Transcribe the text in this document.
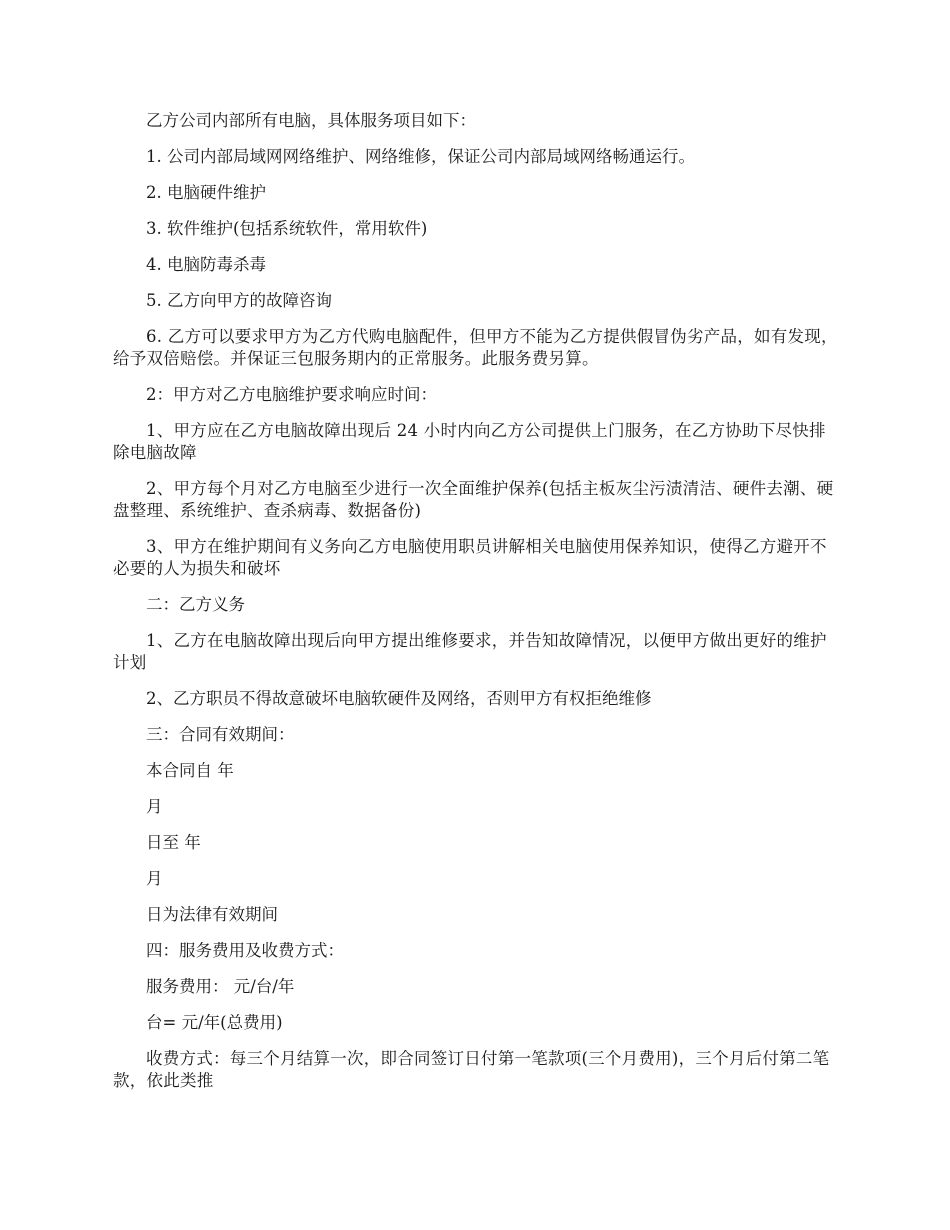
乙方公司内部所有电脑，具体服务项目如下：

1. 公司内部局域网网络维护、网络维修，保证公司内部局域网络畅通运行。

2. 电脑硬件维护

3. 软件维护(包括系统软件，常用软件)

4. 电脑防毒杀毒

5. 乙方向甲方的故障咨询

6. 乙方可以要求甲方为乙方代购电脑配件，但甲方不能为乙方提供假冒伪劣产品，如有发现，给予双倍赔偿。并保证三包服务期内的正常服务。此服务费另算。

2：甲方对乙方电脑维护要求响应时间：

1、甲方应在乙方电脑故障出现后 24 小时内向乙方公司提供上门服务，在乙方协助下尽快排除电脑故障

2、甲方每个月对乙方电脑至少进行一次全面维护保养(包括主板灰尘污渍清洁、硬件去潮、硬盘整理、系统维护、查杀病毒、数据备份)

3、甲方在维护期间有义务向乙方电脑使用职员讲解相关电脑使用保养知识，使得乙方避开不必要的人为损失和破坏

二：乙方义务

1、乙方在电脑故障出现后向甲方提出维修要求，并告知故障情况，以便甲方做出更好的维护计划

2、乙方职员不得故意破坏电脑软硬件及网络，否则甲方有权拒绝维修

三：合同有效期间：

本合同自 年

月

日至 年

月

日为法律有效期间

四：服务费用及收费方式：

服务费用： 元/台/年

台= 元/年(总费用)

收费方式：每三个月结算一次，即合同签订日付第一笔款项(三个月费用)，三个月后付第二笔款，依此类推
